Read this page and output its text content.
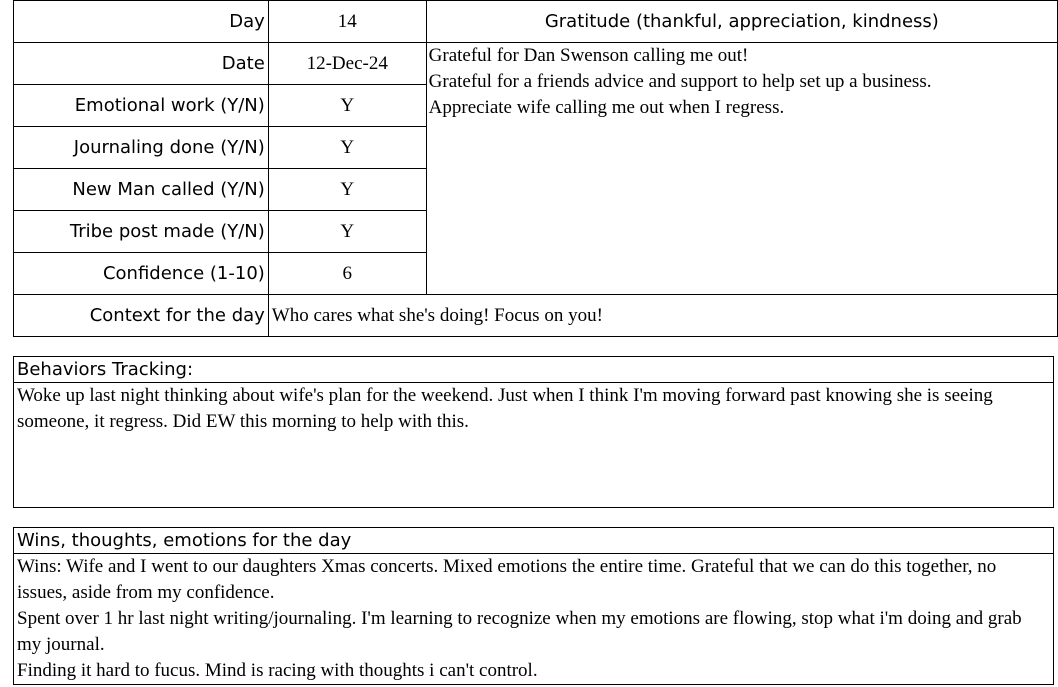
Day	14	Gratitude (thankful, appreciation, kindness)
Date	12-Dec-24	Grateful for Dan Swenson calling me out!
Grateful for a friends advice and support to help set up a business.
Appreciate wife calling me out when I regress.

Emotional work (Y/N)	Y	
Journaling done (Y/N)	Y	
New Man called (Y/N)	Y	
Tribe post made (Y/N)	Y	
Confidence (1-10)	6	
Context for the day	Who cares what she's doing! Focus on you!	
Behaviors Tracking:
Woke up last night thinking about wife's plan for the weekend. Just when I think I'm moving forward past knowing she is seeing someone, it regress. Did EW this morning to help with this.
Wins, thoughts, emotions for the day
Wins: Wife and I went to our daughters Xmas concerts. Mixed emotions the entire time. Grateful that we can do this together, no issues, aside from my confidence.
Spent over 1 hr last night writing/journaling. I'm learning to recognize when my emotions are flowing, stop what i'm doing and grab my journal.
Finding it hard to fucus. Mind is racing with thoughts i can't control.
